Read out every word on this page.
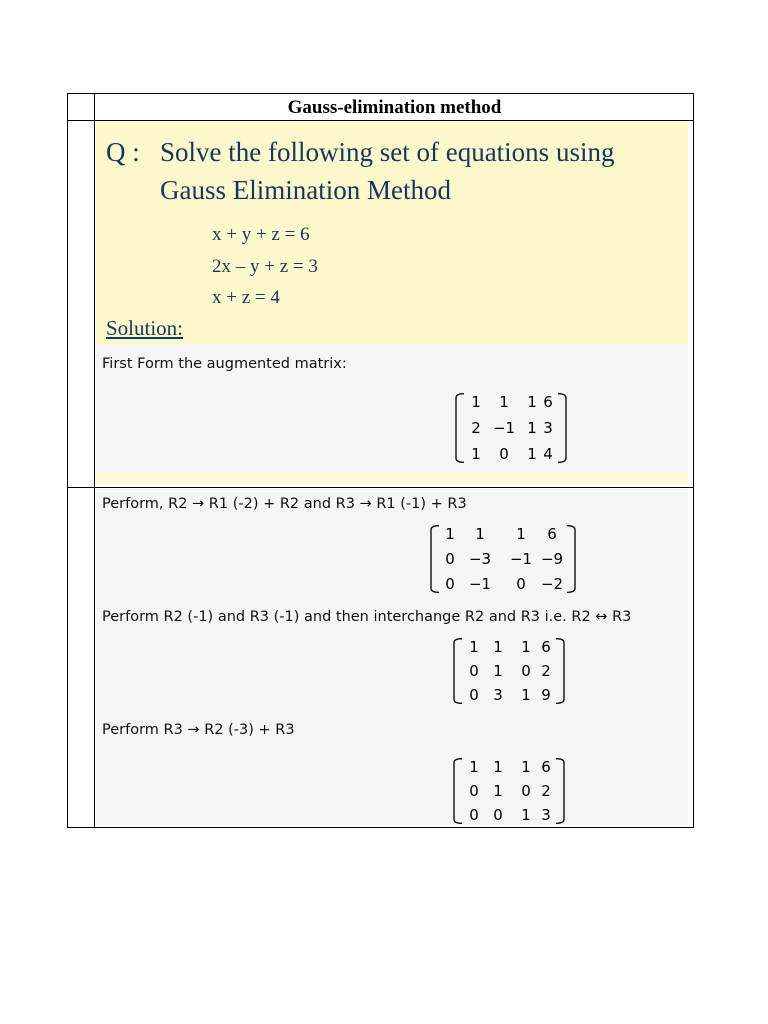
Gauss-elimination method
Q : Solve the following set of equations using
Gauss Elimination Method
x + y + z = 6
2x – y + z = 3
x + z = 4
Solution:
First Form the augmented matrix:
1	1	1 6
2 −1 1 3
1	0	1 4
Perform, R2 → R1 (-2) + R2 and R3 → R1 (-1) + R3
1	1	1	6
0 −3	−1 −9
0 −1	0	−2
Perform R2 (-1) and R3 (-1) and then interchange R2 and R3 i.e. R2 ↔ R3
1 1	1 6
0 1	0 2
0 3	1 9
Perform R3 → R2 (-3) + R3
1 1	1 6
0 1	0 2
0 0	1 3
